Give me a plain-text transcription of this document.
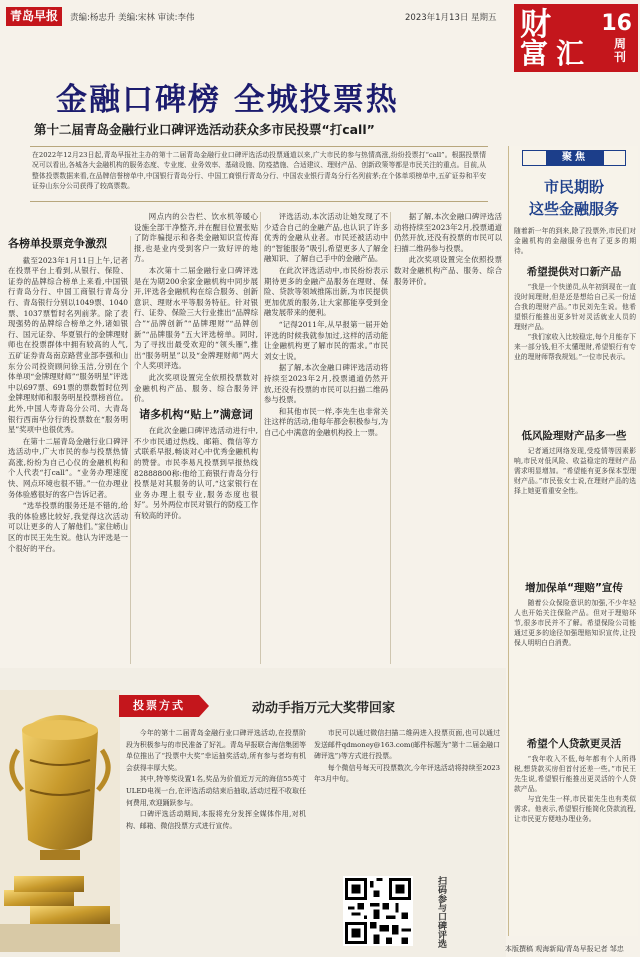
青岛早报	责编:杨忠升 美编:宋林 审读:李伟	2023年1月13日 星期五 财
富汇
16
周刊
金融口碑榜 全城投票热
第十二届青岛金融行业口碑评选活动获众多市民投票“打call”
在2022年12月23日起,青岛早报社主办的第十二届青岛金融行业口碑评选活动投票通道以来,广大市民的参与热情高涨,纷纷投票打“call”。根据投票情况可以看出,各城各大金融机构的服务态度、专业度、业务效率、基础设施、防疫措施、合适建议、理财产品、创新政策等都是市民关注的重点。目前,从整体投票数据来看,在品牌信誉榜单中,中国银行青岛分行、中国工商银行青岛分行、中国农业银行青岛分行名列前茅;在个体单项榜单中,五矿证券和平安证券山东分公司获得了较高票数。
各榜单投票竞争激烈

截至2023年1月11日上午,记者在投票平台上看到,从银行、保险、证券的品牌综合榜单上来看,中国银行青岛分行、中国工商银行青岛分行、青岛银行分别以1049票、1040票、1037票暂时名列前茅。除了表现强势的品牌综合榜单之外,诸如银行、国元证券、华夏银行的金牌理财师也在投票群体中拥有较高的人气,五矿证券青岛南京路营业部李强和山东分公司投资顾问徐玉洁,分别在个体单项“金牌理财师”“服务明星”评选中以697票、691票的票数暂时位列金牌理财师和服务明星投票榜首位。此外,中国人寿青岛分公司、大青岛银行西南华分行的投票数在“服务明星”奖项中也很优秀。

在第十二届青岛金融行业口碑评选活动中,广大市民的参与投票热情高涨,纷纷为自己心仪的金融机构和个人代表“打call”。“业务办理速度快、网点环境也很不错。”一位办理业务体验感很好的客户告诉记者。

“选举投票的服务还是不错的,给我的体验感比较好,我觉得这次活动可以让更多的人了解他们。”家住崂山区的市民王先生说。他认为评选是一个很好的平台。

网点内的公告栏、饮水机等暖心设施全部干净整齐,并在醒目位置张贴了防诈骗提示和各类金融知识宣传海报,也是业内受到客户一致好评的地方。

本次第十二届金融行业口碑评选是在为期200余家金融机构中同步展开,评选各金融机构在综合服务、创新意识、理财水平等服务特征。针对银行、证券、保险三大行业推出“品牌综合”“品牌创新”“品牌理财”“品牌创新”“品牌服务”五大评选榜单。同时,为了寻找出最受欢迎的“领头雁”,推出“服务明星”以及“金牌理财师”两大个人奖项评选。

此次奖项设置完全依照投票数对金融机构产品、服务、综合服务评价。

诸多机构“贴上”满意词

在此次金融口碑评选活动进行中,不少市民通过热线、邮箱、微信等方式联系早报,畅谈对心中优秀金融机构的赞誉。市民李易凡投票到早报热线82888800称:他给工商银行青岛分行投票是对其服务的认可,“这家银行在业务办理上很专业,服务态度也很好”。另外两位市民对银行的防疫工作有较高的评价。

评选活动,本次活动让她发现了不少适合自己的金融产品,也认识了许多优秀的金融从业者。市民还被活动中的“智能服务”吸引,希望更多人了解金融知识、了解自己手中的金融产品。

在此次评选活动中,市民纷纷表示期待更多的金融产品服务在理财、保险、贷款等领域推陈出新,为市民提供更加优质的服务,让大家都能享受到金融发展带来的便利。

“记得2011年,从早报第一届开始评选的时候我就参加过,这样的活动能让金融机构更了解市民的需求。”市民刘女士说。

据了解,本次金融口碑评选活动将持续至2023年2月,投票通道仍然开放,还没有投票的市民可以扫描二维码参与投票。

和其他市民一样,李先生也非常关注这样的活动,他每年都会积极参与,为自己心中满意的金融机构投上一票。

据了解,本次金融口碑评选活动将持续至2023年2月,投票通道仍然开放,还没有投票的市民可以扫描二维码参与投票。

此次奖项设置完全依照投票数对金融机构产品、服务、综合服务评价。

聚焦
市民期盼
这些金融服务
随着新一年的到来,除了投票外,市民们对金融机构的金融服务也有了更多的期待。
希望提供对口新产品

“我是一个快递员,从年初到现在一直没时间理财,但是还是想给自己买一份适合我的理财产品。”市民刘先生说。他希望银行能推出更多针对灵活就业人员的理财产品。

“我们家收入比较稳定,每个月能存下来一部分钱,但不太懂理财,希望银行有专业的理财师帮我规划。”一位市民表示。

低风险理财产品多一些

记者通过网络发现,受疫情等因素影响,市民对低风险、收益稳定的理财产品需求明显增加。“希望能有更多保本型理财产品。”市民张女士说,在理财产品的选择上她更看重安全性。

增加保单“理赔”宣传

随着公众保险意识的加强,不少年轻人也开始关注保险产品。但对于理赔环节,很多市民并不了解。希望保险公司能通过更多的途径加强理赔知识宣传,让投保人明明白白消费。

希望个人贷款更灵活

“我年收入不低,每年都有个人所得税,想贷款买房但首付还差一些。”市民王先生说,希望银行能推出更灵活的个人贷款产品。

与宜先生一样,市民崔先生也有类似需求。他表示,希望银行能简化贷款流程,让市民更方便地办理业务。

投票方式	动动手指万元大奖带回家

今年的第十二届青岛金融行业口碑评选活动,在投票阶段为积极参与的市民准备了好礼。青岛早报联合海信集团等单位推出了“投票中大奖”幸运抽奖活动,所有参与者均有机会获得丰厚大奖。

其中,特等奖设置1名,奖品为价值近万元的海信55英寸ULED电视一台,在评选活动结束后抽取,活动过程不收取任何费用,欢迎踊跃参与。

口碑评选活动期间,本报将充分发挥全媒体作用,对机构、邮箱、微信投票方式进行宣传。

市民可以通过微信扫描二维码进入投票页面,也可以通过发送邮件qdmoney@163.com(邮件标题为“第十二届金融口碑评选”)等方式进行投票。

每个微信号每天可投票数次,今年评选活动将持续至2023年3月中旬。

扫码参与口碑评选
本版撰稿 观海新闻/青岛早报记者 邹忠
